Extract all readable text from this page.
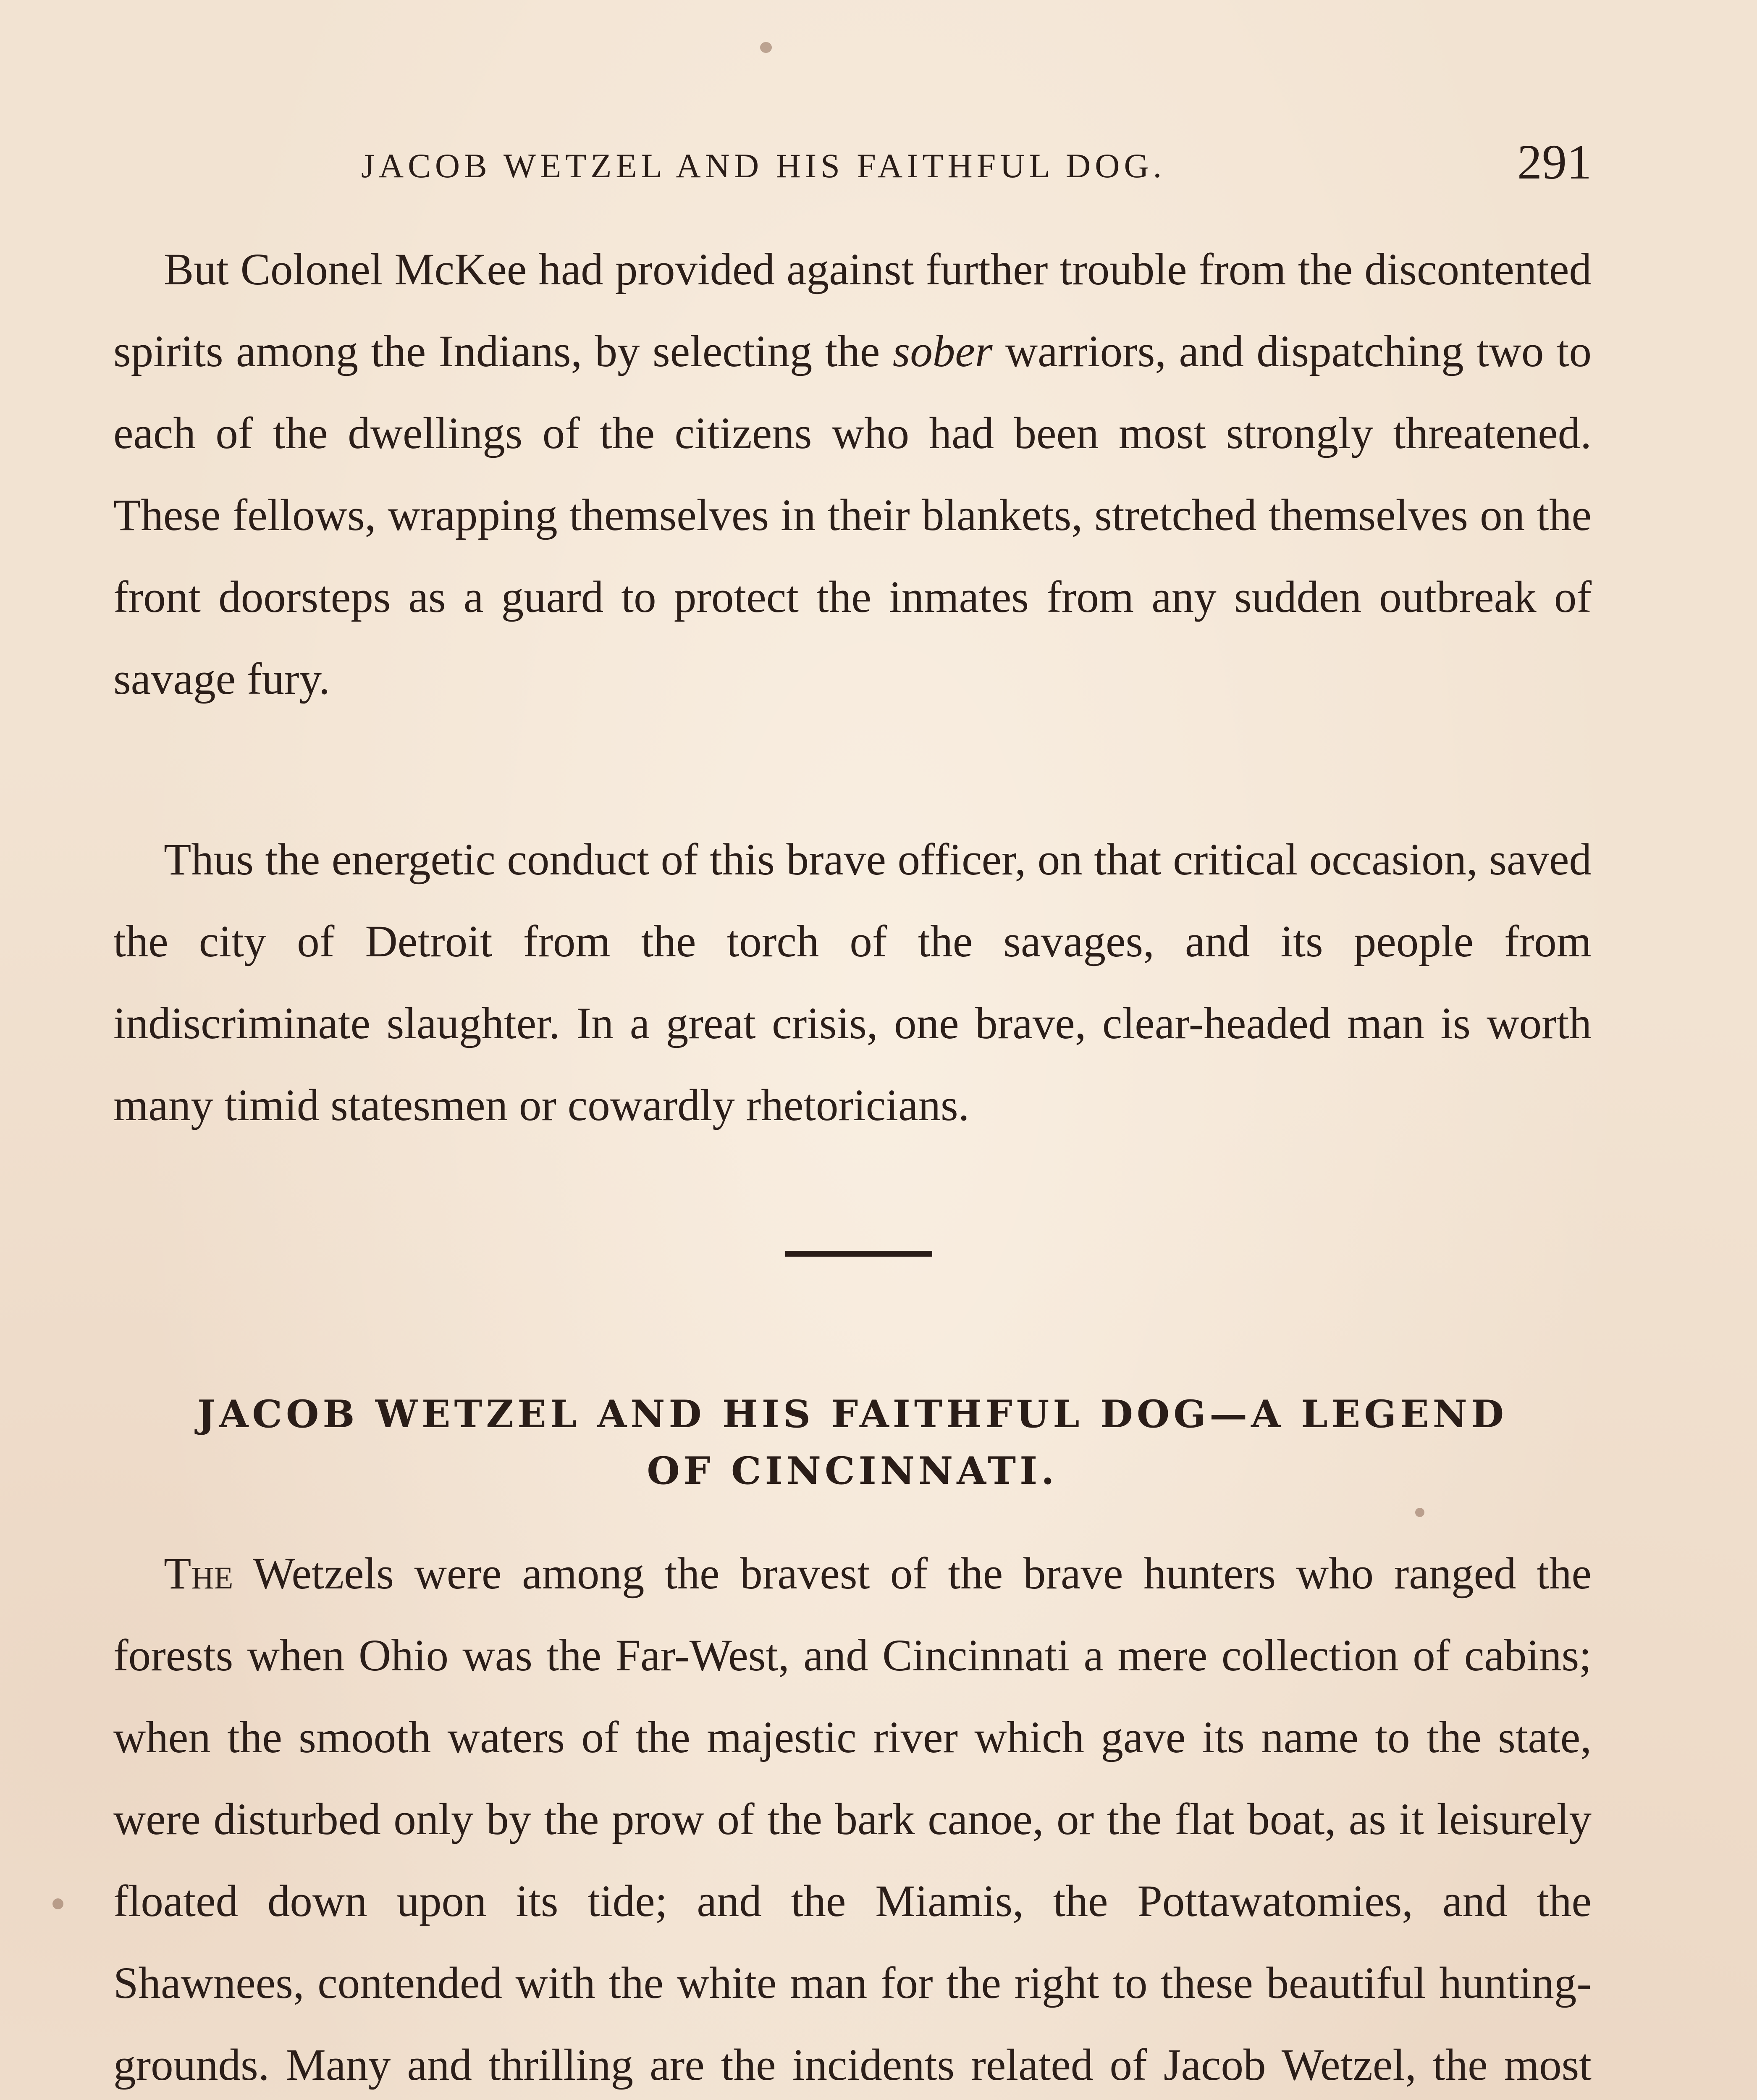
JACOB WETZEL AND HIS FAITHFUL DOG.	291

But Colonel McKee had provided against further trouble from the discontented spirits among the Indians, by selecting the sober warriors, and dispatching two to each of the dwellings of the citizens who had been most strongly threatened. These fellows, wrapping themselves in their blankets, stretched themselves on the front doorsteps as a guard to protect the inmates from any sudden outbreak of savage fury.

Thus the energetic conduct of this brave officer, on that critical occasion, saved the city of Detroit from the torch of the savages, and its people from indiscriminate slaughter. In a great crisis, one brave, clear-headed man is worth many timid statesmen or cowardly rhetoricians.

JACOB WETZEL AND HIS FAITHFUL DOG—A LEGEND
OF CINCINNATI.

The Wetzels were among the bravest of the brave hunters who ranged the forests when Ohio was the Far-West, and Cincinnati a mere collection of cabins; when the smooth waters of the majestic river which gave its name to the state, were disturbed only by the prow of the bark canoe, or the flat boat, as it leisurely floated down upon its tide; and the Miamis, the Pottawatomies, and the Shawnees, contended with the white man for the right to these beautiful hunting-grounds. Many and thrilling are the incidents related of Jacob Wetzel, the most
